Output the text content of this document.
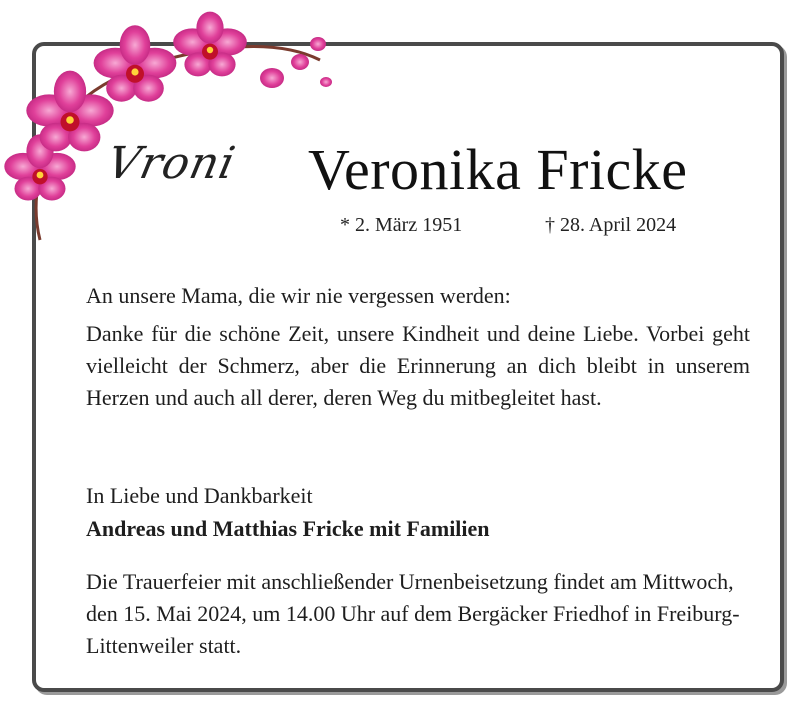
Vroni Veronika Fricke
* 2. März 1951	† 28. April 2024
An unsere Mama, die wir nie vergessen werden:
Danke für die schöne Zeit, unsere Kindheit und deine Liebe. Vorbei geht vielleicht der Schmerz, aber die Erinnerung an dich bleibt in unserem Herzen und auch all derer, deren Weg du mitbegleitet hast.
In Liebe und Dankbarkeit
Andreas und Matthias Fricke mit Familien
Die Trauerfeier mit anschließender Urnenbeisetzung findet am Mittwoch, den 15. Mai 2024, um 14.00 Uhr auf dem Bergäcker Friedhof in Freiburg-Littenweiler statt.
